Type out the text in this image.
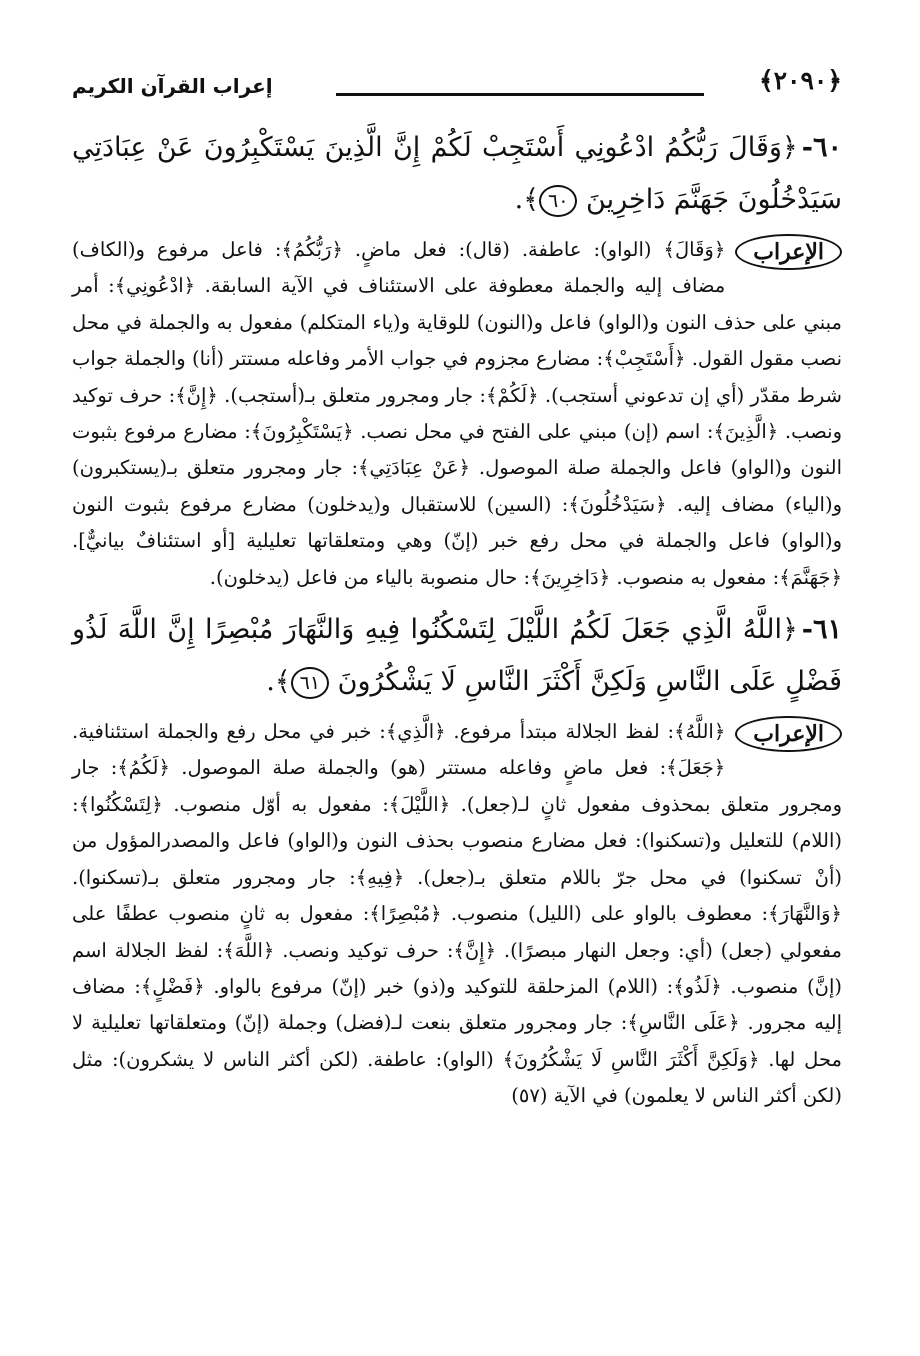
﴿٢٠٩٠﴾
إعراب القرآن الكريم
٦٠-﴿وَقَالَ رَبُّكُمُ ادْعُونِي أَسْتَجِبْ لَكُمْ إِنَّ الَّذِينَ يَسْتَكْبِرُونَ عَنْ عِبَادَتِي سَيَدْخُلُونَ جَهَنَّمَ دَاخِرِينَ ٦٠﴾.
الإعراب
﴿وَقَالَ﴾ (الواو): عاطفة. (قال): فعل ماضٍ. ﴿رَبُّكُمُ﴾: فاعل مرفوع و(الكاف) مضاف إليه والجملة معطوفة على الاستئناف في الآية السابقة. ﴿ادْعُونِي﴾: أمر مبني على حذف النون و(الواو) فاعل و(النون) للوقاية و(ياء المتكلم) مفعول به والجملة في محل نصب مقول القول. ﴿أَسْتَجِبْ﴾: مضارع مجزوم في جواب الأمر وفاعله مستتر (أنا) والجملة جواب شرط مقدّر (أي إن تدعوني أستجب). ﴿لَكُمْ﴾: جار ومجرور متعلق بـ(أستجب). ﴿إِنَّ﴾: حرف توكيد ونصب. ﴿الَّذِينَ﴾: اسم (إن) مبني على الفتح في محل نصب. ﴿يَسْتَكْبِرُونَ﴾: مضارع مرفوع بثبوت النون و(الواو) فاعل والجملة صلة الموصول. ﴿عَنْ عِبَادَتِي﴾: جار ومجرور متعلق بـ(يستكبرون) و(الياء) مضاف إليه. ﴿سَيَدْخُلُونَ﴾: (السين) للاستقبال و(يدخلون) مضارع مرفوع بثبوت النون و(الواو) فاعل والجملة في محل رفع خبر (إنّ) وهي ومتعلقاتها تعليلية [أو استئنافٌ بيانيٌّ]. ﴿جَهَنَّمَ﴾: مفعول به منصوب. ﴿دَاخِرِينَ﴾: حال منصوبة بالياء من فاعل (يدخلون).
٦١-﴿اللَّهُ الَّذِي جَعَلَ لَكُمُ اللَّيْلَ لِتَسْكُنُوا فِيهِ وَالنَّهَارَ مُبْصِرًا إِنَّ اللَّهَ لَذُو فَضْلٍ عَلَى النَّاسِ وَلَكِنَّ أَكْثَرَ النَّاسِ لَا يَشْكُرُونَ ٦١﴾.
الإعراب
﴿اللَّهُ﴾: لفظ الجلالة مبتدأ مرفوع. ﴿الَّذِي﴾: خبر في محل رفع والجملة استئنافية. ﴿جَعَلَ﴾: فعل ماضٍ وفاعله مستتر (هو) والجملة صلة الموصول. ﴿لَكُمُ﴾: جار ومجرور متعلق بمحذوف مفعول ثانٍ لـ(جعل). ﴿اللَّيْلَ﴾: مفعول به أوّل منصوب. ﴿لِتَسْكُنُوا﴾: (اللام) للتعليل و(تسكنوا): فعل مضارع منصوب بحذف النون و(الواو) فاعل والمصدرالمؤول من (أنْ تسكنوا) في محل جرّ باللام متعلق بـ(جعل). ﴿فِيهِ﴾: جار ومجرور متعلق بـ(تسكنوا). ﴿وَالنَّهَارَ﴾: معطوف بالواو على (الليل) منصوب. ﴿مُبْصِرًا﴾: مفعول به ثانٍ منصوب عطفًا على مفعولي (جعل) (أي: وجعل النهار مبصرًا). ﴿إِنَّ﴾: حرف توكيد ونصب. ﴿اللَّهَ﴾: لفظ الجلالة اسم (إنَّ) منصوب. ﴿لَذُو﴾: (اللام) المزحلقة للتوكيد و(ذو) خبر (إنّ) مرفوع بالواو. ﴿فَضْلٍ﴾: مضاف إليه مجرور. ﴿عَلَى النَّاسِ﴾: جار ومجرور متعلق بنعت لـ(فضل) وجملة (إنّ) ومتعلقاتها تعليلية لا محل لها. ﴿وَلَكِنَّ أَكْثَرَ النَّاسِ لَا يَشْكُرُونَ﴾ (الواو): عاطفة. (لكن أكثر الناس لا يشكرون): مثل (لكن أكثر الناس لا يعلمون) في الآية (٥٧)
